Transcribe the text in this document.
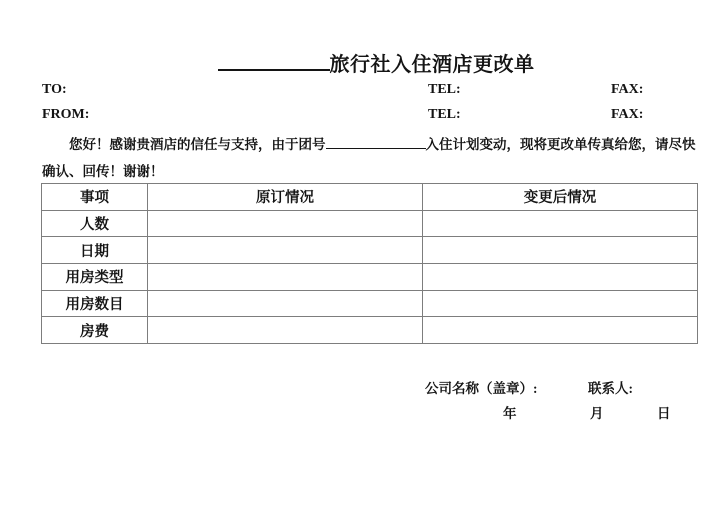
旅行社入住酒店更改单
TO:	TEL:	FAX:
FROM:	TEL:	FAX:
您好！感谢贵酒店的信任与支持，由于团号	入住计划变动，现将更改单传真给您，请尽快
确认、回传！谢谢！
事项	原订情况	变更后情况
人数		
日期		
用房类型		
用房数目		
房费		
公司名称（盖章）:	联系人:
年	月	日
